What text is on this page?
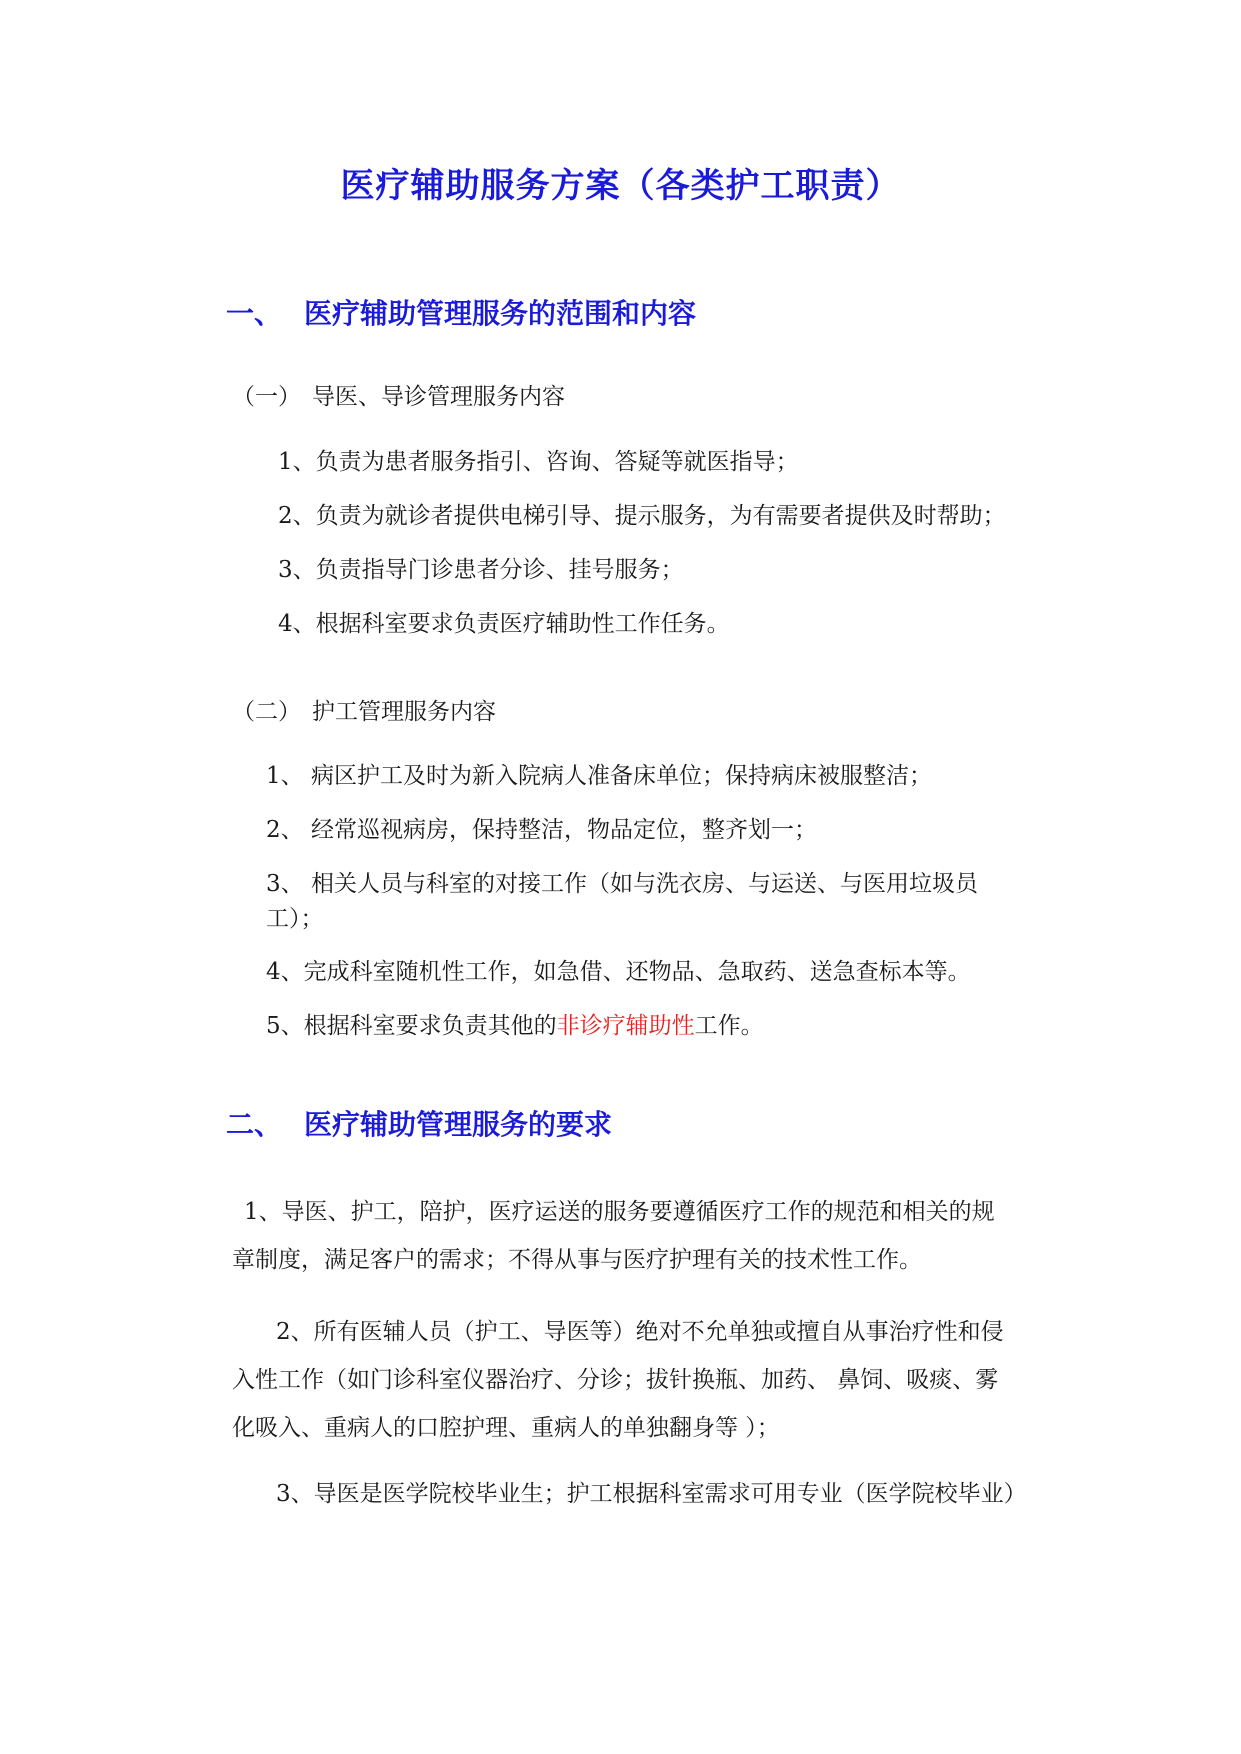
医疗辅助服务方案（各类护工职责）
一、 医疗辅助管理服务的范围和内容
（一） 导医、导诊管理服务内容
1、负责为患者服务指引、咨询、答疑等就医指导；
2、负责为就诊者提供电梯引导、提示服务，为有需要者提供及时帮助；
3、负责指导门诊患者分诊、挂号服务；
4、根据科室要求负责医疗辅助性工作任务。
（二） 护工管理服务内容
1、 病区护工及时为新入院病人准备床单位；保持病床被服整洁；
2、 经常巡视病房，保持整洁，物品定位，整齐划一；
3、 相关人员与科室的对接工作（如与洗衣房、与运送、与医用垃圾员
工）；
4、完成科室随机性工作，如急借、还物品、急取药、送急查标本等。
5、根据科室要求负责其他的非诊疗辅助性工作。
二、 医疗辅助管理服务的要求
1、导医、护工，陪护，医疗运送的服务要遵循医疗工作的规范和相关的规
章制度，满足客户的需求；不得从事与医疗护理有关的技术性工作。
2、所有医辅人员（护工、导医等）绝对不允单独或擅自从事治疗性和侵
入性工作（如门诊科室仪器治疗、分诊；拔针换瓶、加药、 鼻饲、吸痰、雾
化吸入、重病人的口腔护理、重病人的单独翻身等 ）；
3、导医是医学院校毕业生；护工根据科室需求可用专业（医学院校毕业）
